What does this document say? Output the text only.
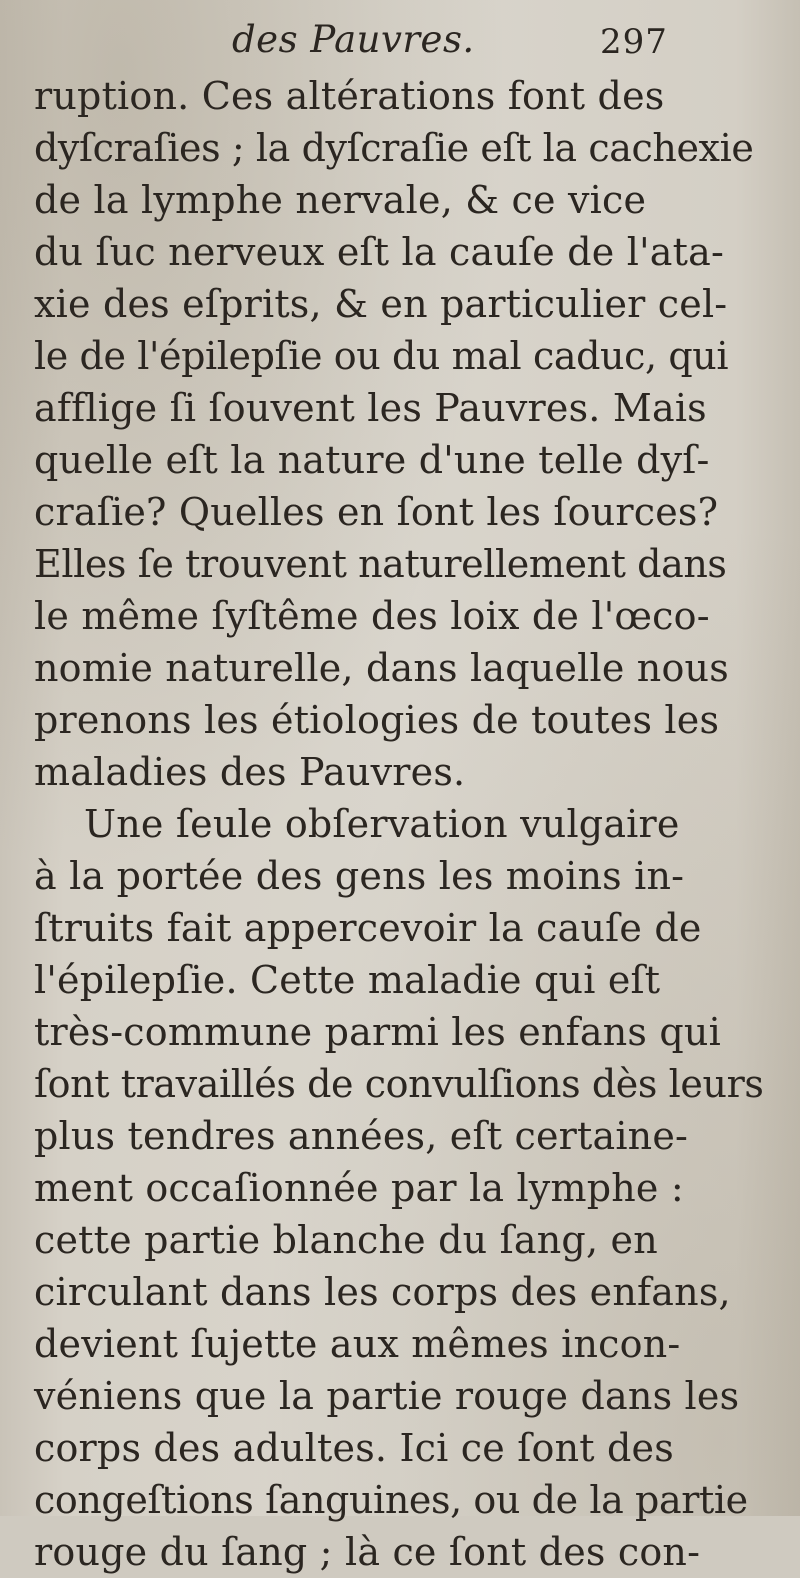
des Pauvres.	297
ruption. Ces altérations font des
dyſcraſies ; la dyſcraſie eſt la cachexie
de la lymphe nervale, & ce vice
du ſuc nerveux eſt la cauſe de l'ata-
xie des eſprits, & en particulier cel-
le de l'épilepſie ou du mal caduc, qui
afflige ſi ſouvent les Pauvres. Mais
quelle eſt la nature d'une telle dyſ-
craſie? Quelles en ſont les ſources?
Elles ſe trouvent naturellement dans
le même ſyſtême des loix de l'œco-
nomie naturelle, dans laquelle nous
prenons les étiologies de toutes les
maladies des Pauvres.
Une ſeule obſervation vulgaire
à la portée des gens les moins in-
ſtruits fait appercevoir la cauſe de
l'épilepſie. Cette maladie qui eſt
très-commune parmi les enfans qui
ſont travaillés de convulſions dès leurs
plus tendres années, eſt certaine-
ment occaſionnée par la lymphe :
cette partie blanche du ſang, en
circulant dans les corps des enfans,
devient ſujette aux mêmes incon-
véniens que la partie rouge dans les
corps des adultes. Ici ce ſont des
congeſtions ſanguines, ou de la partie
rouge du ſang ; là ce ſont des con-
